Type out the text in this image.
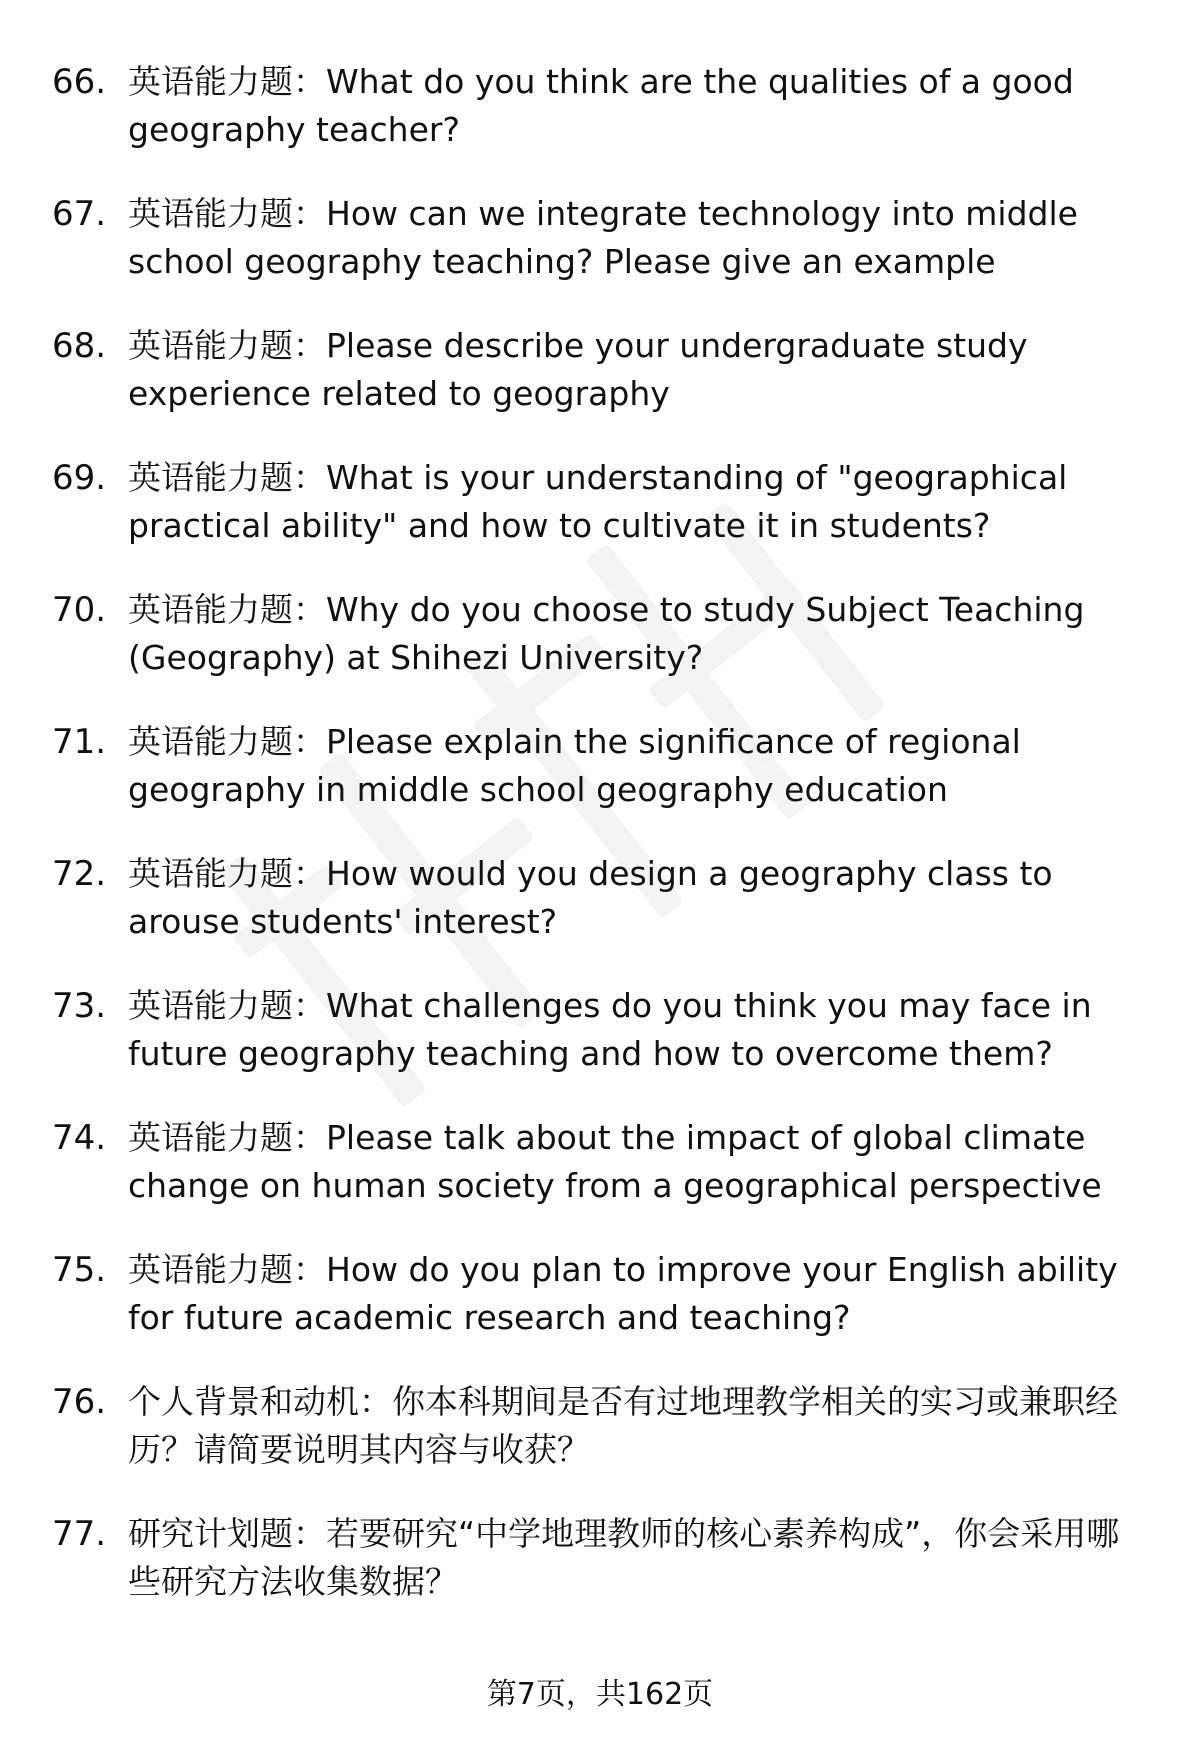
66. 英语能力题：What do you think are the qualities of a good geography teacher?
67. 英语能力题：How can we integrate technology into middle school geography teaching? Please give an example
68. 英语能力题：Please describe your undergraduate study experience related to geography
69. 英语能力题：What is your understanding of "geographical practical ability" and how to cultivate it in students?
70. 英语能力题：Why do you choose to study Subject Teaching (Geography) at Shihezi University?
71. 英语能力题：Please explain the significance of regional geography in middle school geography education
72. 英语能力题：How would you design a geography class to arouse students' interest?
73. 英语能力题：What challenges do you think you may face in future geography teaching and how to overcome them?
74. 英语能力题：Please talk about the impact of global climate change on human society from a geographical perspective
75. 英语能力题：How do you plan to improve your English ability for future academic research and teaching?
76. 个人背景和动机：你本科期间是否有过地理教学相关的实习或兼职经历？请简要说明其内容与收获？
77. 研究计划题：若要研究“中学地理教师的核心素养构成”，你会采用哪些研究方法收集数据？
第7页，共162页
